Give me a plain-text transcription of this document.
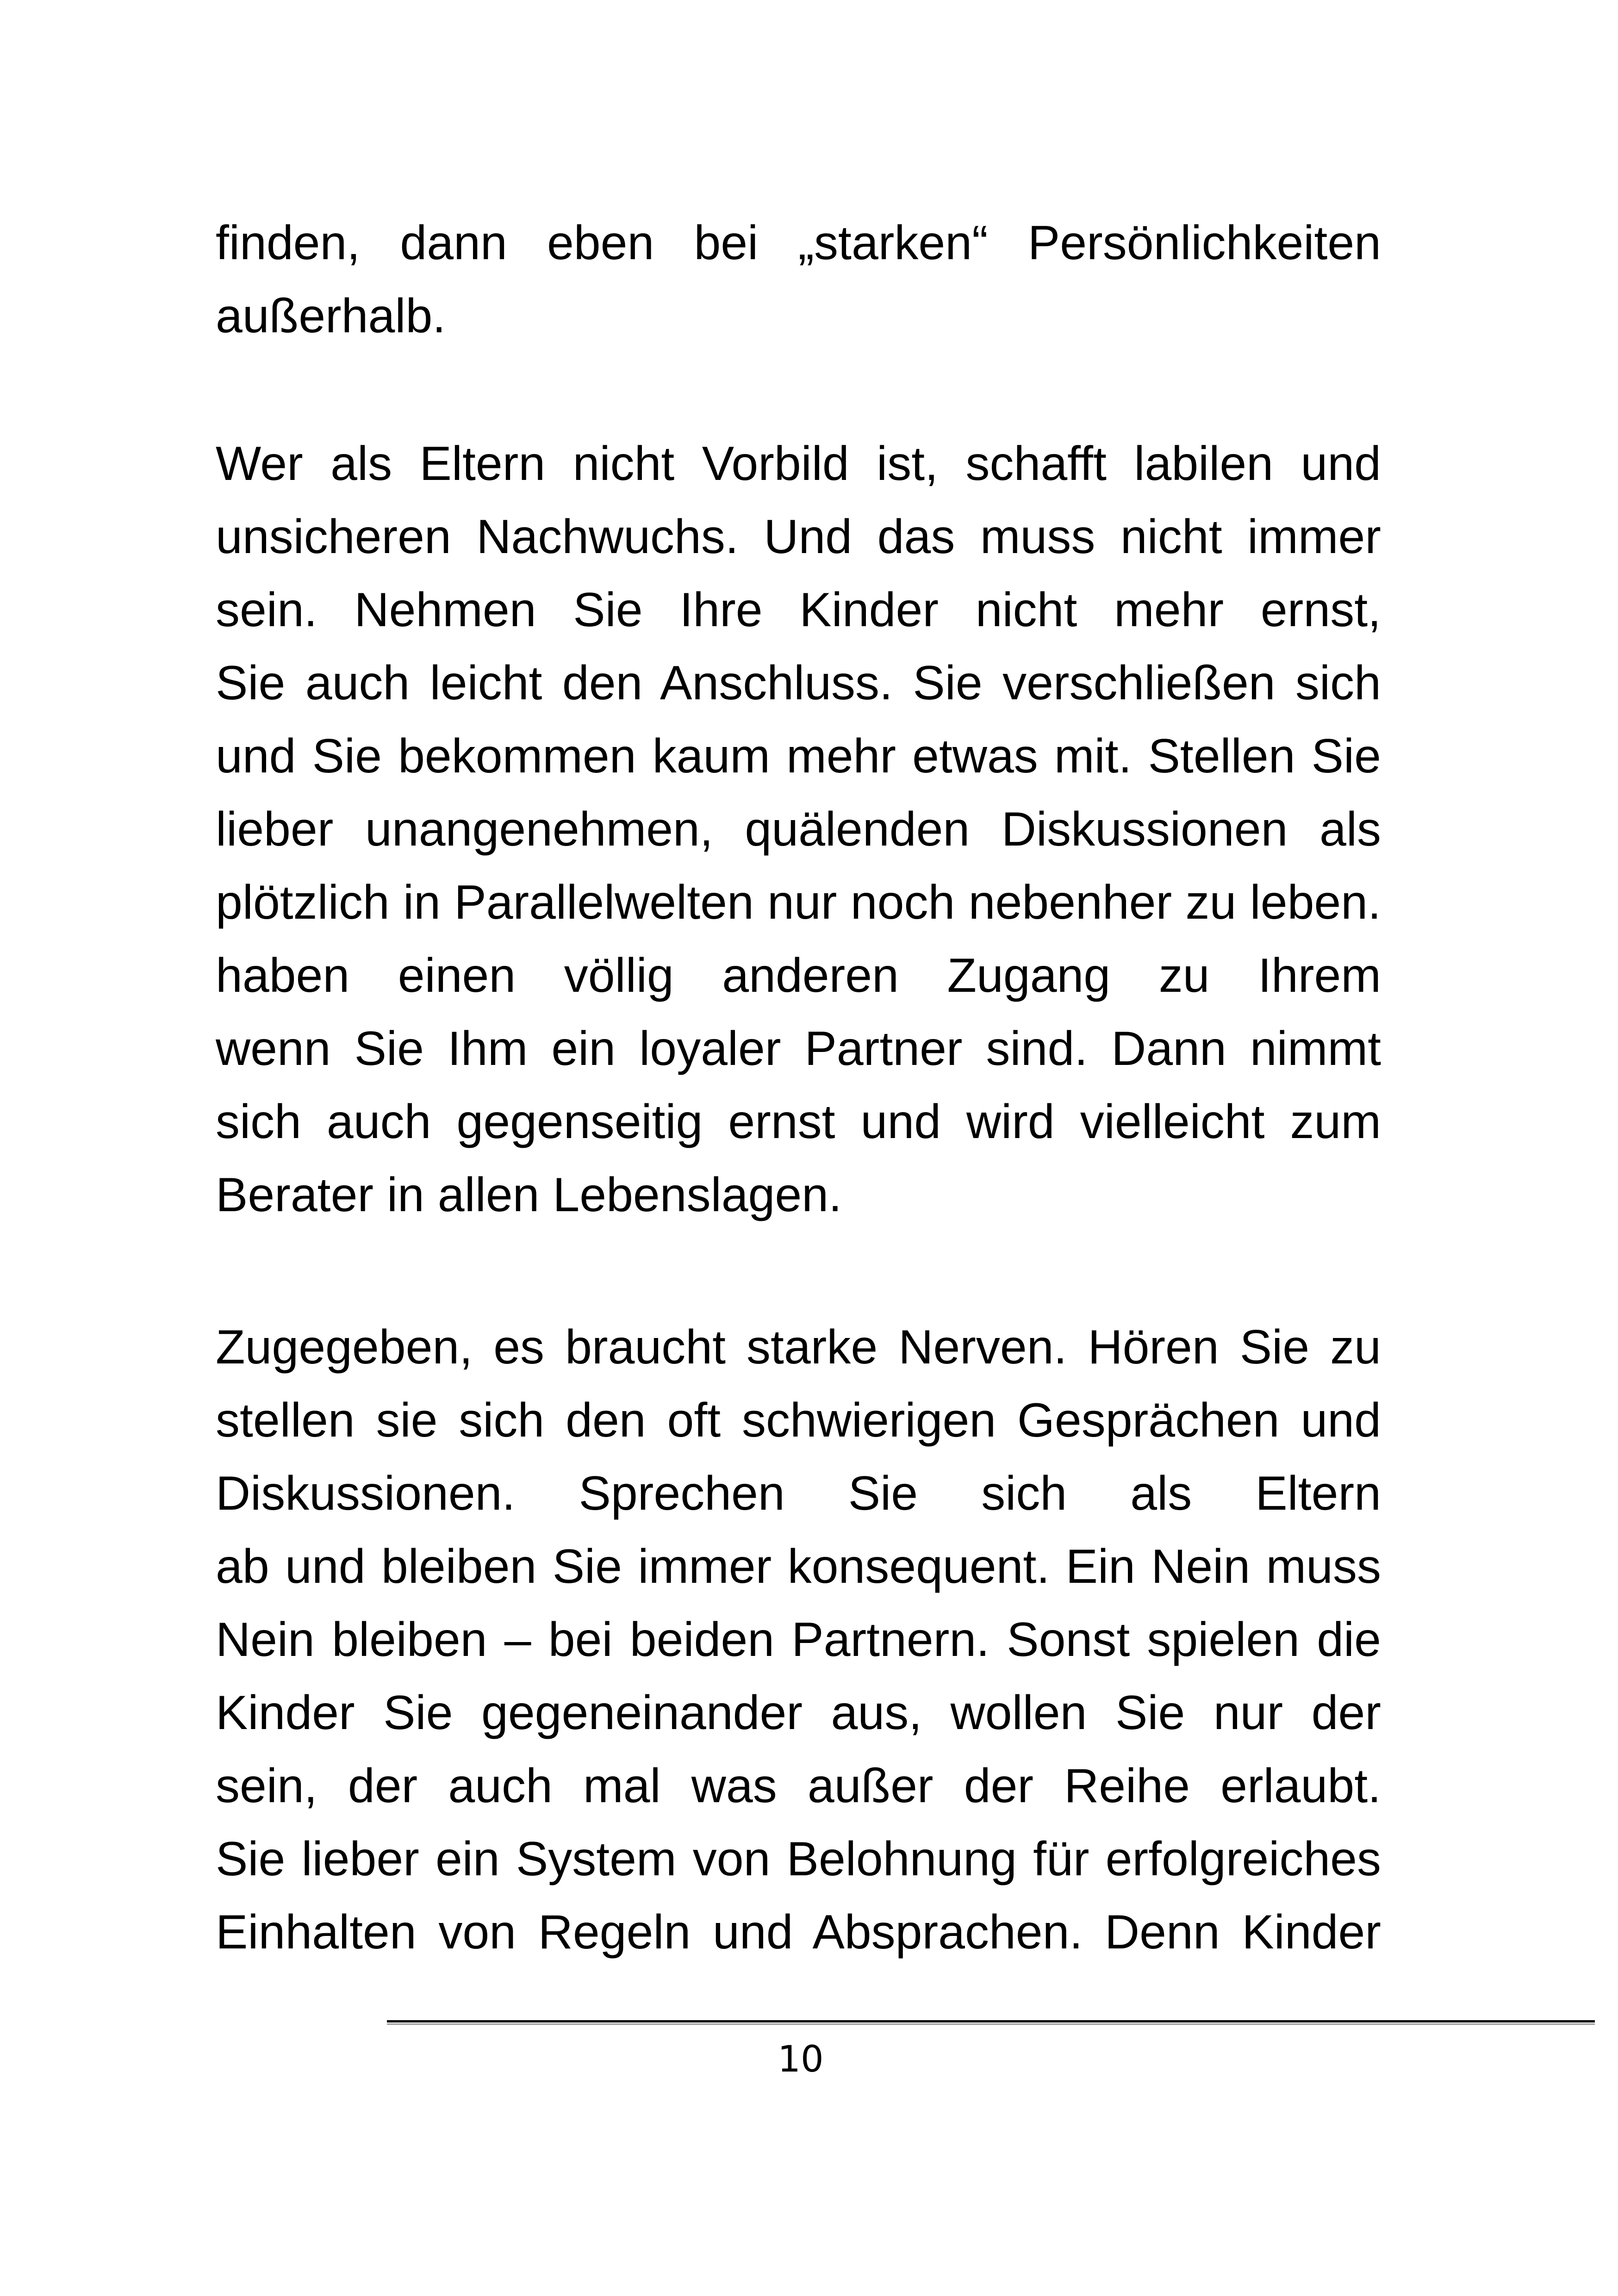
finden, dann eben bei „starken“ Persönlichkeiten
außerhalb.
Wer als Eltern nicht Vorbild ist, schafft labilen und
unsicheren Nachwuchs. Und das muss nicht immer
sein. Nehmen Sie Ihre Kinder nicht mehr ernst,
Sie auch leicht den Anschluss. Sie verschließen sich
und Sie bekommen kaum mehr etwas mit. Stellen Sie
lieber unangenehmen, quälenden Diskussionen als
plötzlich in Parallelwelten nur noch nebenher zu leben.
haben einen völlig anderen Zugang zu Ihrem
wenn Sie Ihm ein loyaler Partner sind. Dann nimmt
sich auch gegenseitig ernst und wird vielleicht zum
Berater in allen Lebenslagen.
Zugegeben, es braucht starke Nerven. Hören Sie zu
stellen sie sich den oft schwierigen Gesprächen und
Diskussionen. Sprechen Sie sich als Eltern
ab und bleiben Sie immer konsequent. Ein Nein muss
Nein bleiben – bei beiden Partnern. Sonst spielen die
Kinder Sie gegeneinander aus, wollen Sie nur der
sein, der auch mal was außer der Reihe erlaubt.
Sie lieber ein System von Belohnung für erfolgreiches
Einhalten von Regeln und Absprachen. Denn Kinder
10
